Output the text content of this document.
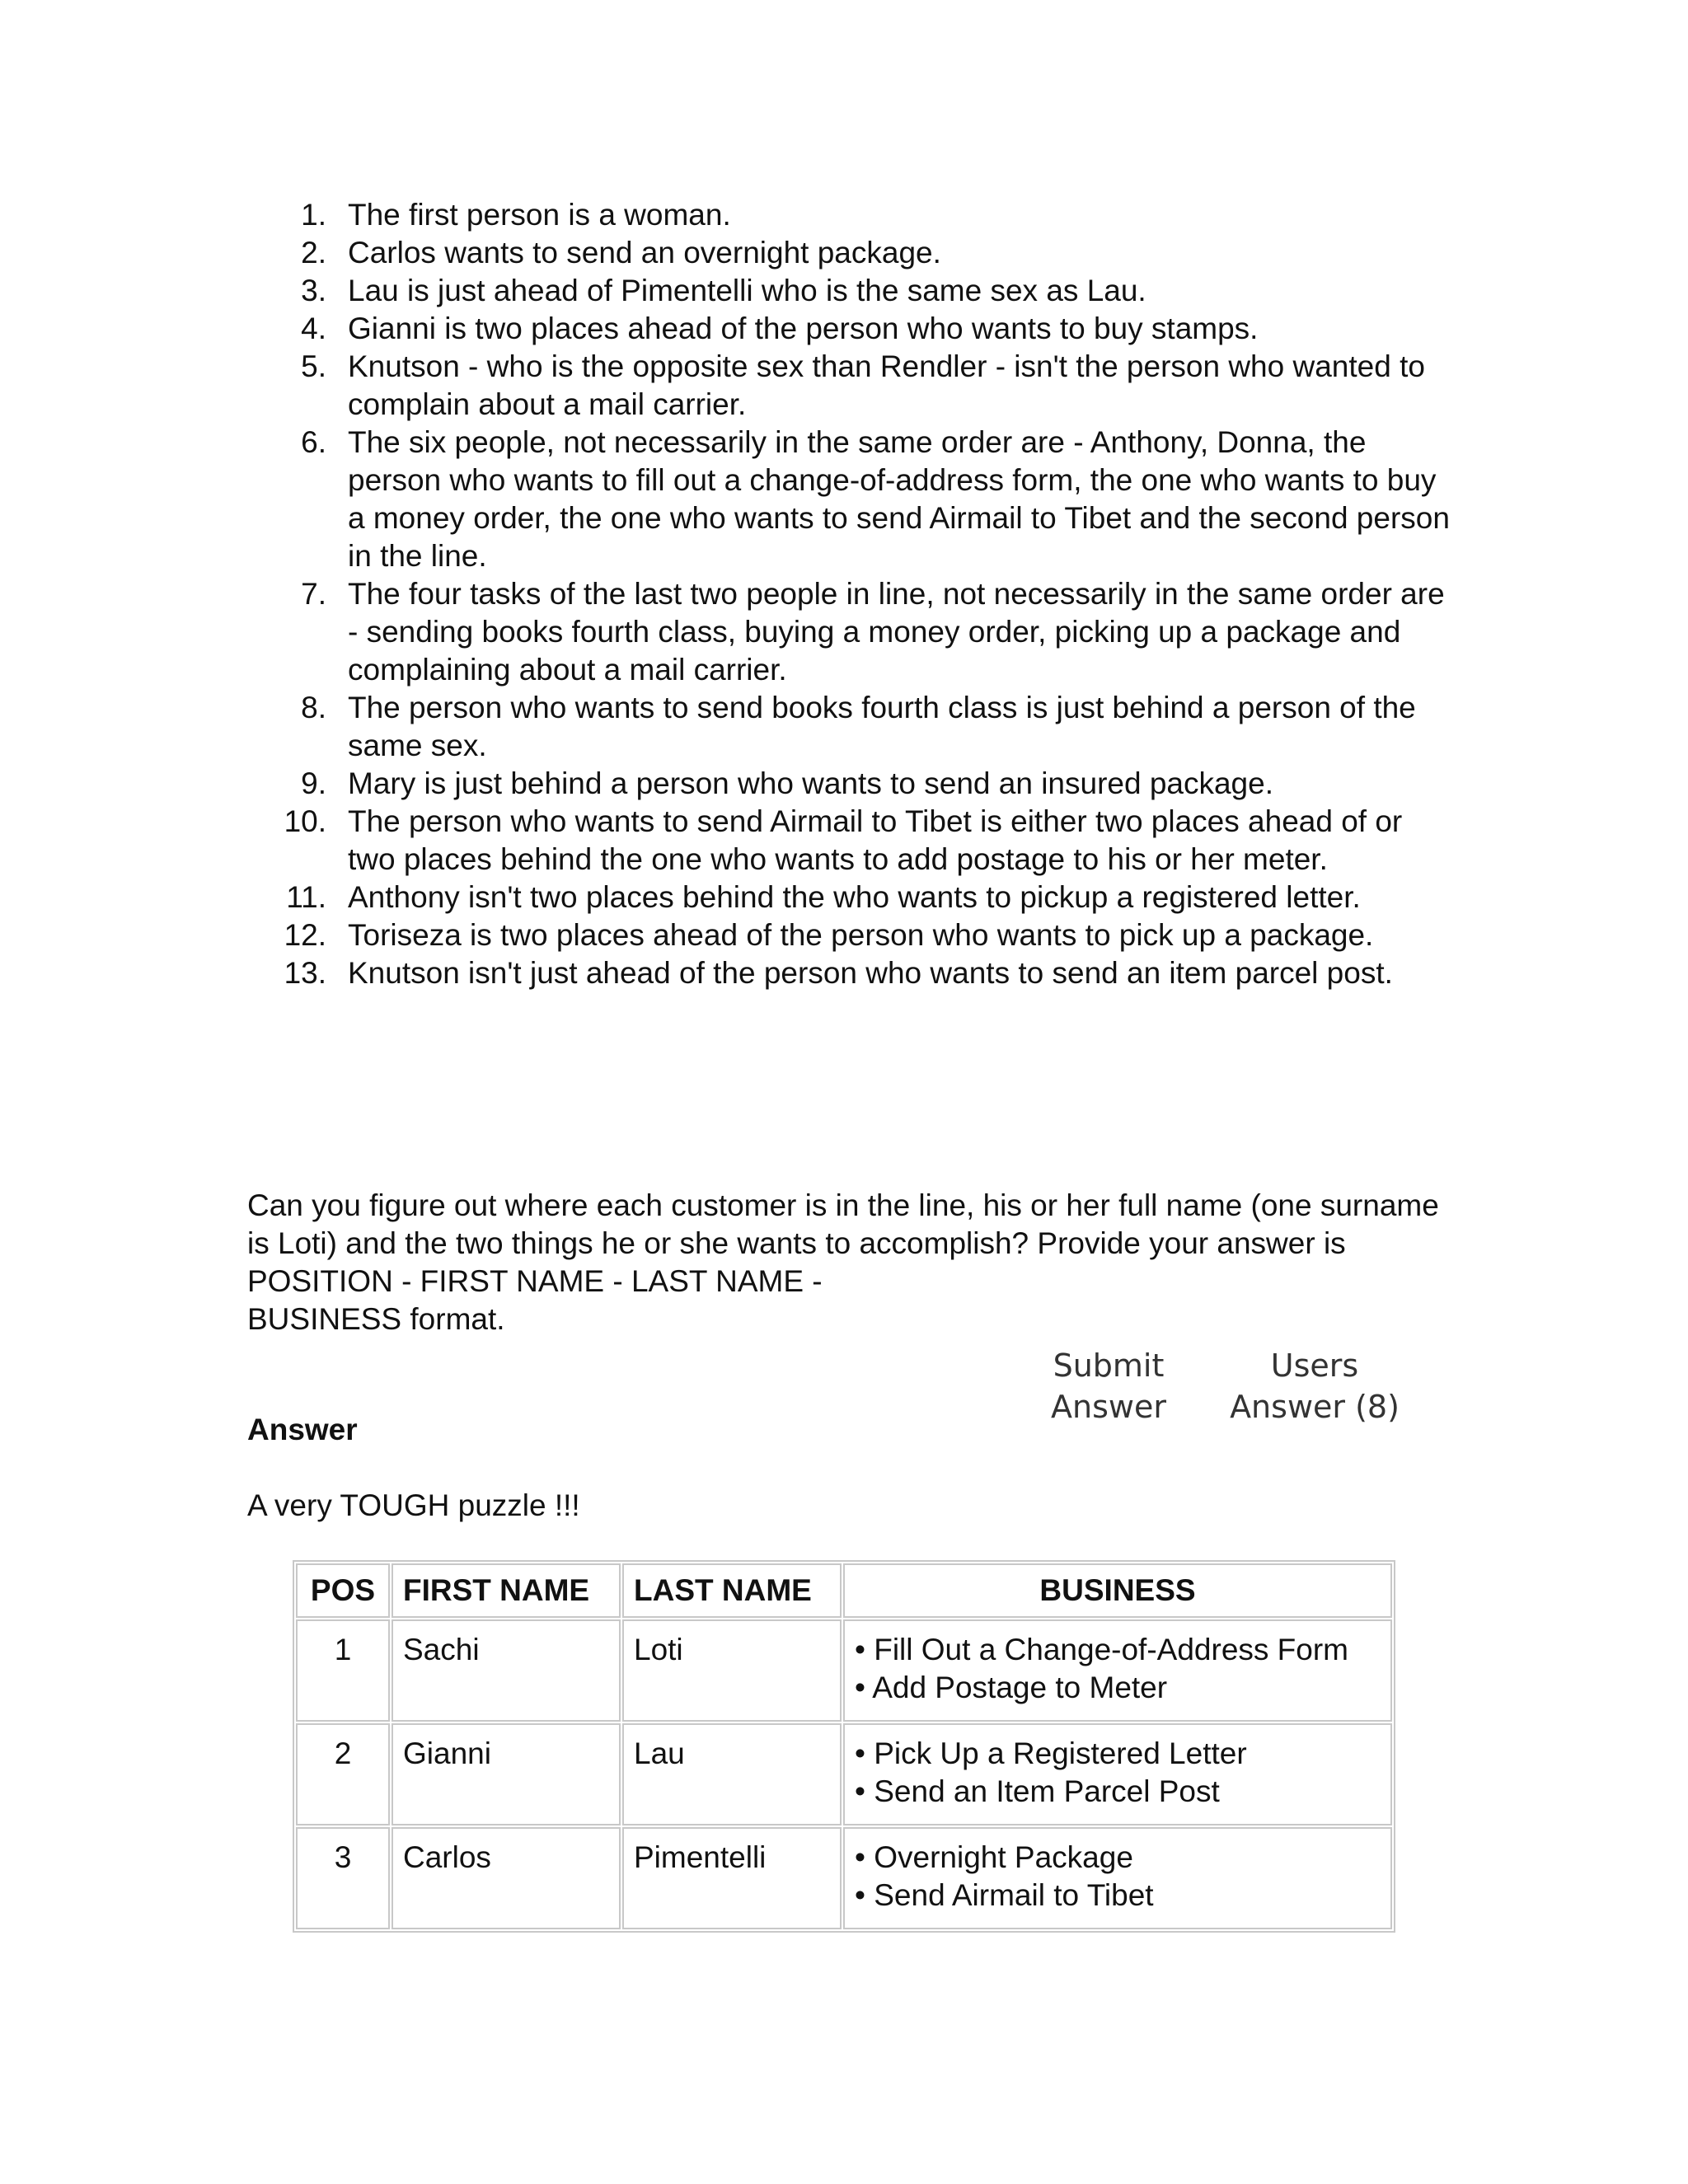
1. The first person is a woman.
2. Carlos wants to send an overnight package.
3. Lau is just ahead of Pimentelli who is the same sex as Lau.
4. Gianni is two places ahead of the person who wants to buy stamps.
5. Knutson - who is the opposite sex than Rendler - isn't the person who wanted to complain about a mail carrier.
6. The six people, not necessarily in the same order are - Anthony, Donna, the person who wants to fill out a change-of-address form, the one who wants to buy a money order, the one who wants to send Airmail to Tibet and the second person in the line.
7. The four tasks of the last two people in line, not necessarily in the same order are - sending books fourth class, buying a money order, picking up a package and complaining about a mail carrier.
8. The person who wants to send books fourth class is just behind a person of the same sex.
9. Mary is just behind a person who wants to send an insured package.
10. The person who wants to send Airmail to Tibet is either two places ahead of or two places behind the one who wants to add postage to his or her meter.
11. Anthony isn't two places behind the who wants to pickup a registered letter.
12. Toriseza is two places ahead of the person who wants to pick up a package.
13. Knutson isn't just ahead of the person who wants to send an item parcel post.

Can you figure out where each customer is in the line, his or her full name (one surname is Loti) and the two things he or she wants to accomplish? Provide your answer is POSITION - FIRST NAME - LAST NAME -
BUSINESS format.

Submit
Answer
Users
Answer (8)
Answer

A very TOUGH puzzle !!!

POS	FIRST NAME	LAST NAME	BUSINESS
1	Sachi	Loti	• Fill Out a Change-of-Address Form
• Add Postage to Meter

2	Gianni	Lau	• Pick Up a Registered Letter
• Send an Item Parcel Post

3	Carlos	Pimentelli	• Overnight Package
• Send Airmail to Tibet
